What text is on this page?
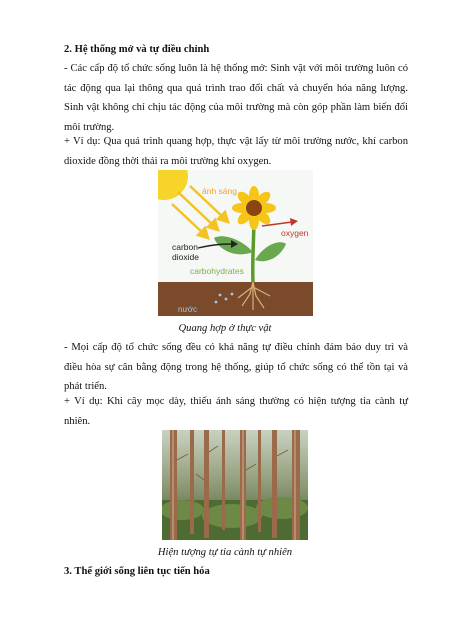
2. Hệ thống mở và tự điều chỉnh
- Các cấp độ tổ chức sống luôn là hệ thống mở: Sinh vật với môi trường luôn có tác động qua lại thông qua quá trình trao đổi chất và chuyển hóa năng lượng. Sinh vật không chỉ chịu tác động của môi trường mà còn góp phần làm biến đổi môi trường.
+ Ví dụ: Qua quá trình quang hợp, thực vật lấy từ môi trường nước, khí carbon dioxide đồng thời thải ra môi trường khí oxygen.
ánh sáng
nước
oxygen
carbon
dioxide
carbohydrates
Quang hợp ở thực vật
- Mọi cấp độ tổ chức sống đều có khả năng tự điều chỉnh đảm bảo duy trì và điều hòa sự cân bằng động trong hệ thống, giúp tổ chức sống có thể tồn tại và phát triển.
+ Ví dụ: Khi cây mọc dày, thiếu ánh sáng thường có hiện tượng tỉa cành tự nhiên.
Hiện tượng tự tỉa cành tự nhiên
3. Thế giới sống liên tục tiến hóa
